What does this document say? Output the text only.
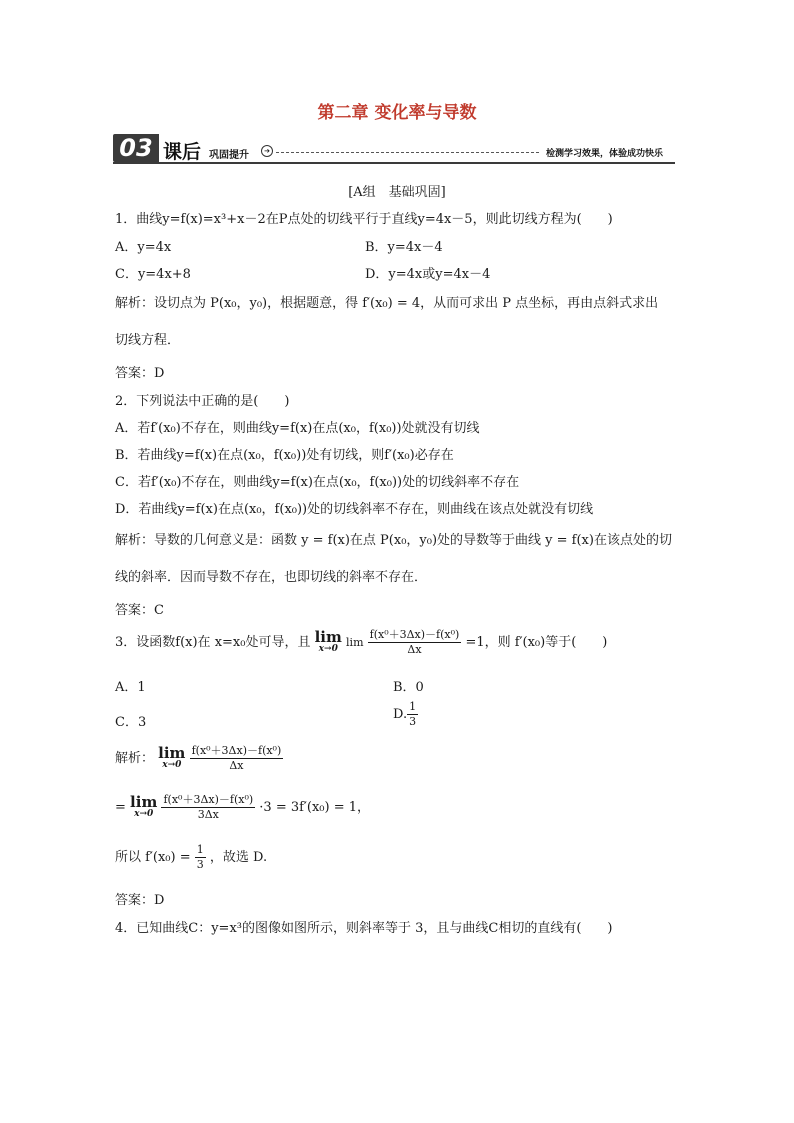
第二章 变化率与导数
03 课后 巩固提升	➔	检测学习效果，体验成功快乐
[A组　基础巩固]
1．曲线y=f(x)=x³+x－2在P点处的切线平行于直线y=4x－5，则此切线方程为(　　)
A．y=4x	B．y=4x－4
C．y=4x+8	D．y=4x或y=4x－4
解析：设切点为 P(x₀，y₀)，根据题意，得 f′(x₀) = 4，从而可求出 P 点坐标，再由点斜式求出
切线方程．
答案：D
2．下列说法中正确的是(　　)
A．若f′(x₀)不存在，则曲线y=f(x)在点(x₀，f(x₀))处就没有切线
B．若曲线y=f(x)在点(x₀，f(x₀))处有切线，则f′(x₀)必存在
C．若f′(x₀)不存在，则曲线y=f(x)在点(x₀，f(x₀))处的切线斜率不存在
D．若曲线y=f(x)在点(x₀，f(x₀))处的切线斜率不存在，则曲线在该点处就没有切线
解析：导数的几何意义是：函数 y = f(x)在点 P(x₀，y₀)处的导数等于曲线 y = f(x)在该点处的切
线的斜率．因而导数不存在，也即切线的斜率不存在．
答案：C
3．设函数f(x)在 x=x₀处可导，且 lim
x→0 $\lim \frac{\text{f(x⁰＋3Δx)－f(x⁰)}}{\Delta x} =1$，则 f′(x₀)等于(　　)
A．1	B．0
C．3
D. $\frac{1}{3}$
解析： lim
x→0
$\frac{\text{f(x⁰＋3Δx)－f(x⁰)}}{\Delta x}$
= lim
x→0
$\frac{\text{f(x⁰＋3Δx)－f(x⁰)}}{3\Delta x} \cdot 3 = 3f'(x_0) = 1$，
所以 $f'(x_0) = \frac{1}{3}$ ，故选 D.
答案：D
4．已知曲线C：y=x³的图像如图所示，则斜率等于 3，且与曲线C相切的直线有(　　)
